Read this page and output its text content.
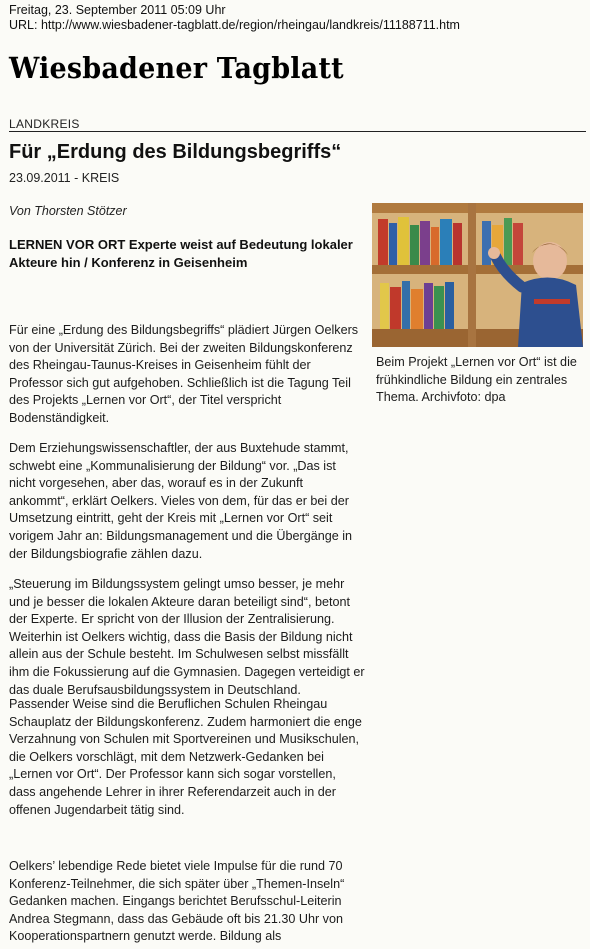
Freitag, 23. September 2011 05:09 Uhr
URL: http://www.wiesbadener-tagblatt.de/region/rheingau/landkreis/11188711.htm
Wiesbadener Tagblatt
LANDKREIS
Für „Erdung des Bildungsbegriffs“
23.09.2011 - KREIS
Von Thorsten Stötzer
LERNEN VOR ORT Experte weist auf Bedeutung lokaler Akteure hin / Konferenz in Geisenheim
Für eine „Erdung des Bildungsbegriffs“ plädiert Jürgen Oelkers von der Universität Zürich. Bei der zweiten Bildungskonferenz des Rheingau-Taunus-Kreises in Geisenheim fühlt der Professor sich gut aufgehoben. Schließlich ist die Tagung Teil des Projekts „Lernen vor Ort“, der Titel verspricht Bodenständigkeit.
Dem Erziehungswissenschaftler, der aus Buxtehude stammt, schwebt eine „Kommunalisierung der Bildung“ vor. „Das ist nicht vorgesehen, aber das, worauf es in der Zukunft ankommt“, erklärt Oelkers. Vieles von dem, für das er bei der Umsetzung eintritt, geht der Kreis mit „Lernen vor Ort“ seit vorigem Jahr an: Bildungsmanagement und die Übergänge in der Bildungsbiografie zählen dazu.
„Steuerung im Bildungssystem gelingt umso besser, je mehr und je besser die lokalen Akteure daran beteiligt sind“, betont der Experte. Er spricht von der Illusion der Zentralisierung. Weiterhin ist Oelkers wichtig, dass die Basis der Bildung nicht allein aus der Schule besteht. Im Schulwesen selbst missfällt ihm die Fokussierung auf die Gymnasien. Dagegen verteidigt er das duale Berufsausbildungssystem in Deutschland.
Passender Weise sind die Beruflichen Schulen Rheingau Schauplatz der Bildungskonferenz. Zudem harmoniert die enge Verzahnung von Schulen mit Sportvereinen und Musikschulen, die Oelkers vorschlägt, mit dem Netzwerk-Gedanken bei „Lernen vor Ort“. Der Professor kann sich sogar vorstellen, dass angehende Lehrer in ihrer Referendarzeit auch in der offenen Jugendarbeit tätig sind.
Oelkers’ lebendige Rede bietet viele Impulse für die rund 70 Konferenz-Teilnehmer, die sich später über „Themen-Inseln“ Gedanken machen. Eingangs berichtet Berufsschul-Leiterin Andrea Stegmann, dass das Gebäude oft bis 21.30 Uhr von Kooperationspartnern genutzt werde. Bildung als
Beim Projekt „Lernen vor Ort“ ist die frühkindliche Bildung ein zentrales Thema. Archivfoto: dpa
